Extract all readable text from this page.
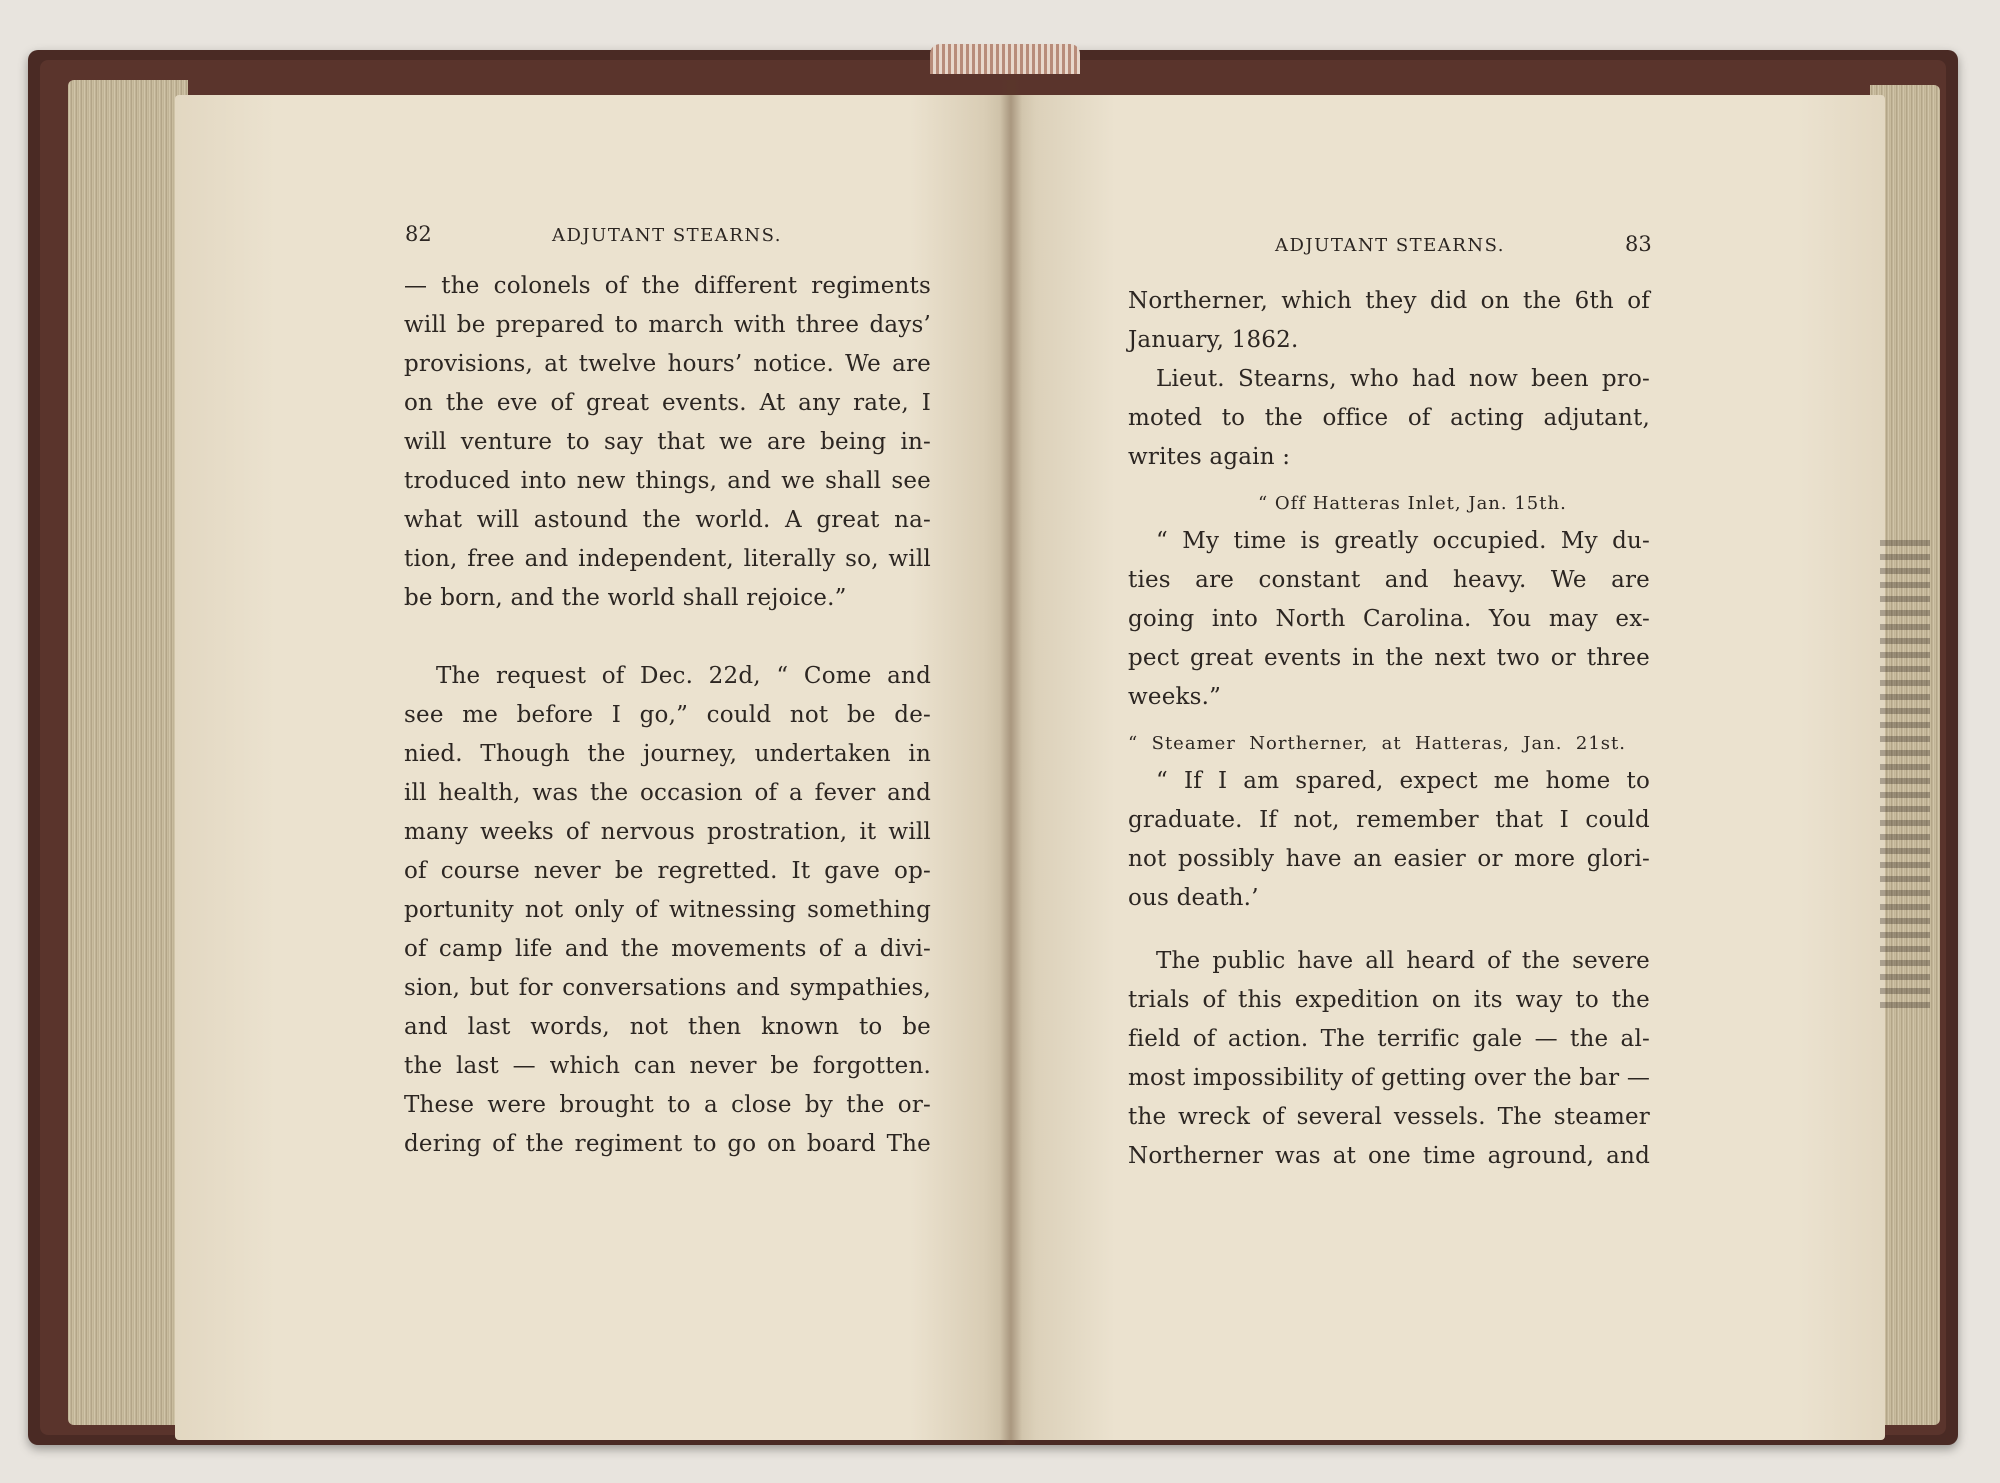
82	ADJUTANT STEARNS.	ADJUTANT STEARNS.	83
— the colonels of the different regiments
will be prepared to march with three days’
provisions, at twelve hours’ notice. We are
on the eve of great events. At any rate, I
will venture to say that we are being in-
troduced into new things, and we shall see
what will astound the world. A great na-
tion, free and independent, literally so, will
be born, and the world shall rejoice.”
The request of Dec. 22d, “ Come and
see me before I go,” could not be de-
nied. Though the journey, undertaken in
ill health, was the occasion of a fever and
many weeks of nervous prostration, it will
of course never be regretted. It gave op-
portunity not only of witnessing something
of camp life and the movements of a divi-
sion, but for conversations and sympathies,
and last words, not then known to be
the last — which can never be forgotten.
These were brought to a close by the or-
dering of the regiment to go on board The
Northerner, which they did on the 6th of
January, 1862.
Lieut. Stearns, who had now been pro-
moted to the office of acting adjutant,
writes again :
“ Off Hatteras Inlet, Jan. 15th.
“ My time is greatly occupied. My du-
ties are constant and heavy. We are
going into North Carolina. You may ex-
pect great events in the next two or three
weeks.”
“ Steamer Northerner, at Hatteras, Jan. 21st.
“ If I am spared, expect me home to
graduate. If not, remember that I could
not possibly have an easier or more glori-
ous death.’
The public have all heard of the severe
trials of this expedition on its way to the
field of action. The terrific gale — the al-
most impossibility of getting over the bar —
the wreck of several vessels. The steamer
Northerner was at one time aground, and
